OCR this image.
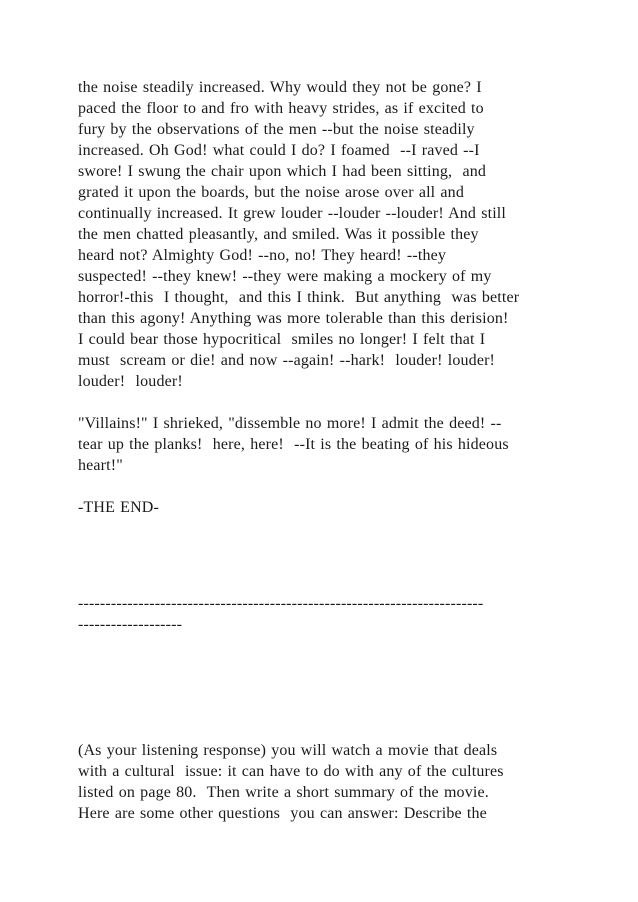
the noise steadily increased. Why would they not be gone? I
paced the floor to and fro with heavy strides, as if excited to
fury by the observations of the men --but the noise steadily
increased. Oh God! what could I do? I foamed  --I raved --I
swore! I swung the chair upon which I had been sitting,  and
grated it upon the boards, but the noise arose over all and
continually increased. It grew louder --louder --louder! And still
the men chatted pleasantly, and smiled. Was it possible they
heard not? Almighty God! --no, no! They heard! --they
suspected! --they knew! --they were making a mockery of my
horror!-this  I thought,  and this I think.  But anything  was better
than this agony! Anything was more tolerable than this derision!
I could bear those hypocritical  smiles no longer! I felt that I
must  scream or die! and now --again! --hark!  louder! louder!
louder!  louder!
"Villains!" I shrieked, "dissemble no more! I admit the deed! --
tear up the planks!  here, here!  --It is the beating of his hideous
heart!"
-THE END-
--------------------------------------------------------------------------
-------------------
(As your listening response) you will watch a movie that deals
with a cultural  issue: it can have to do with any of the cultures
listed on page 80.  Then write a short summary of the movie.
Here are some other questions  you can answer: Describe the
